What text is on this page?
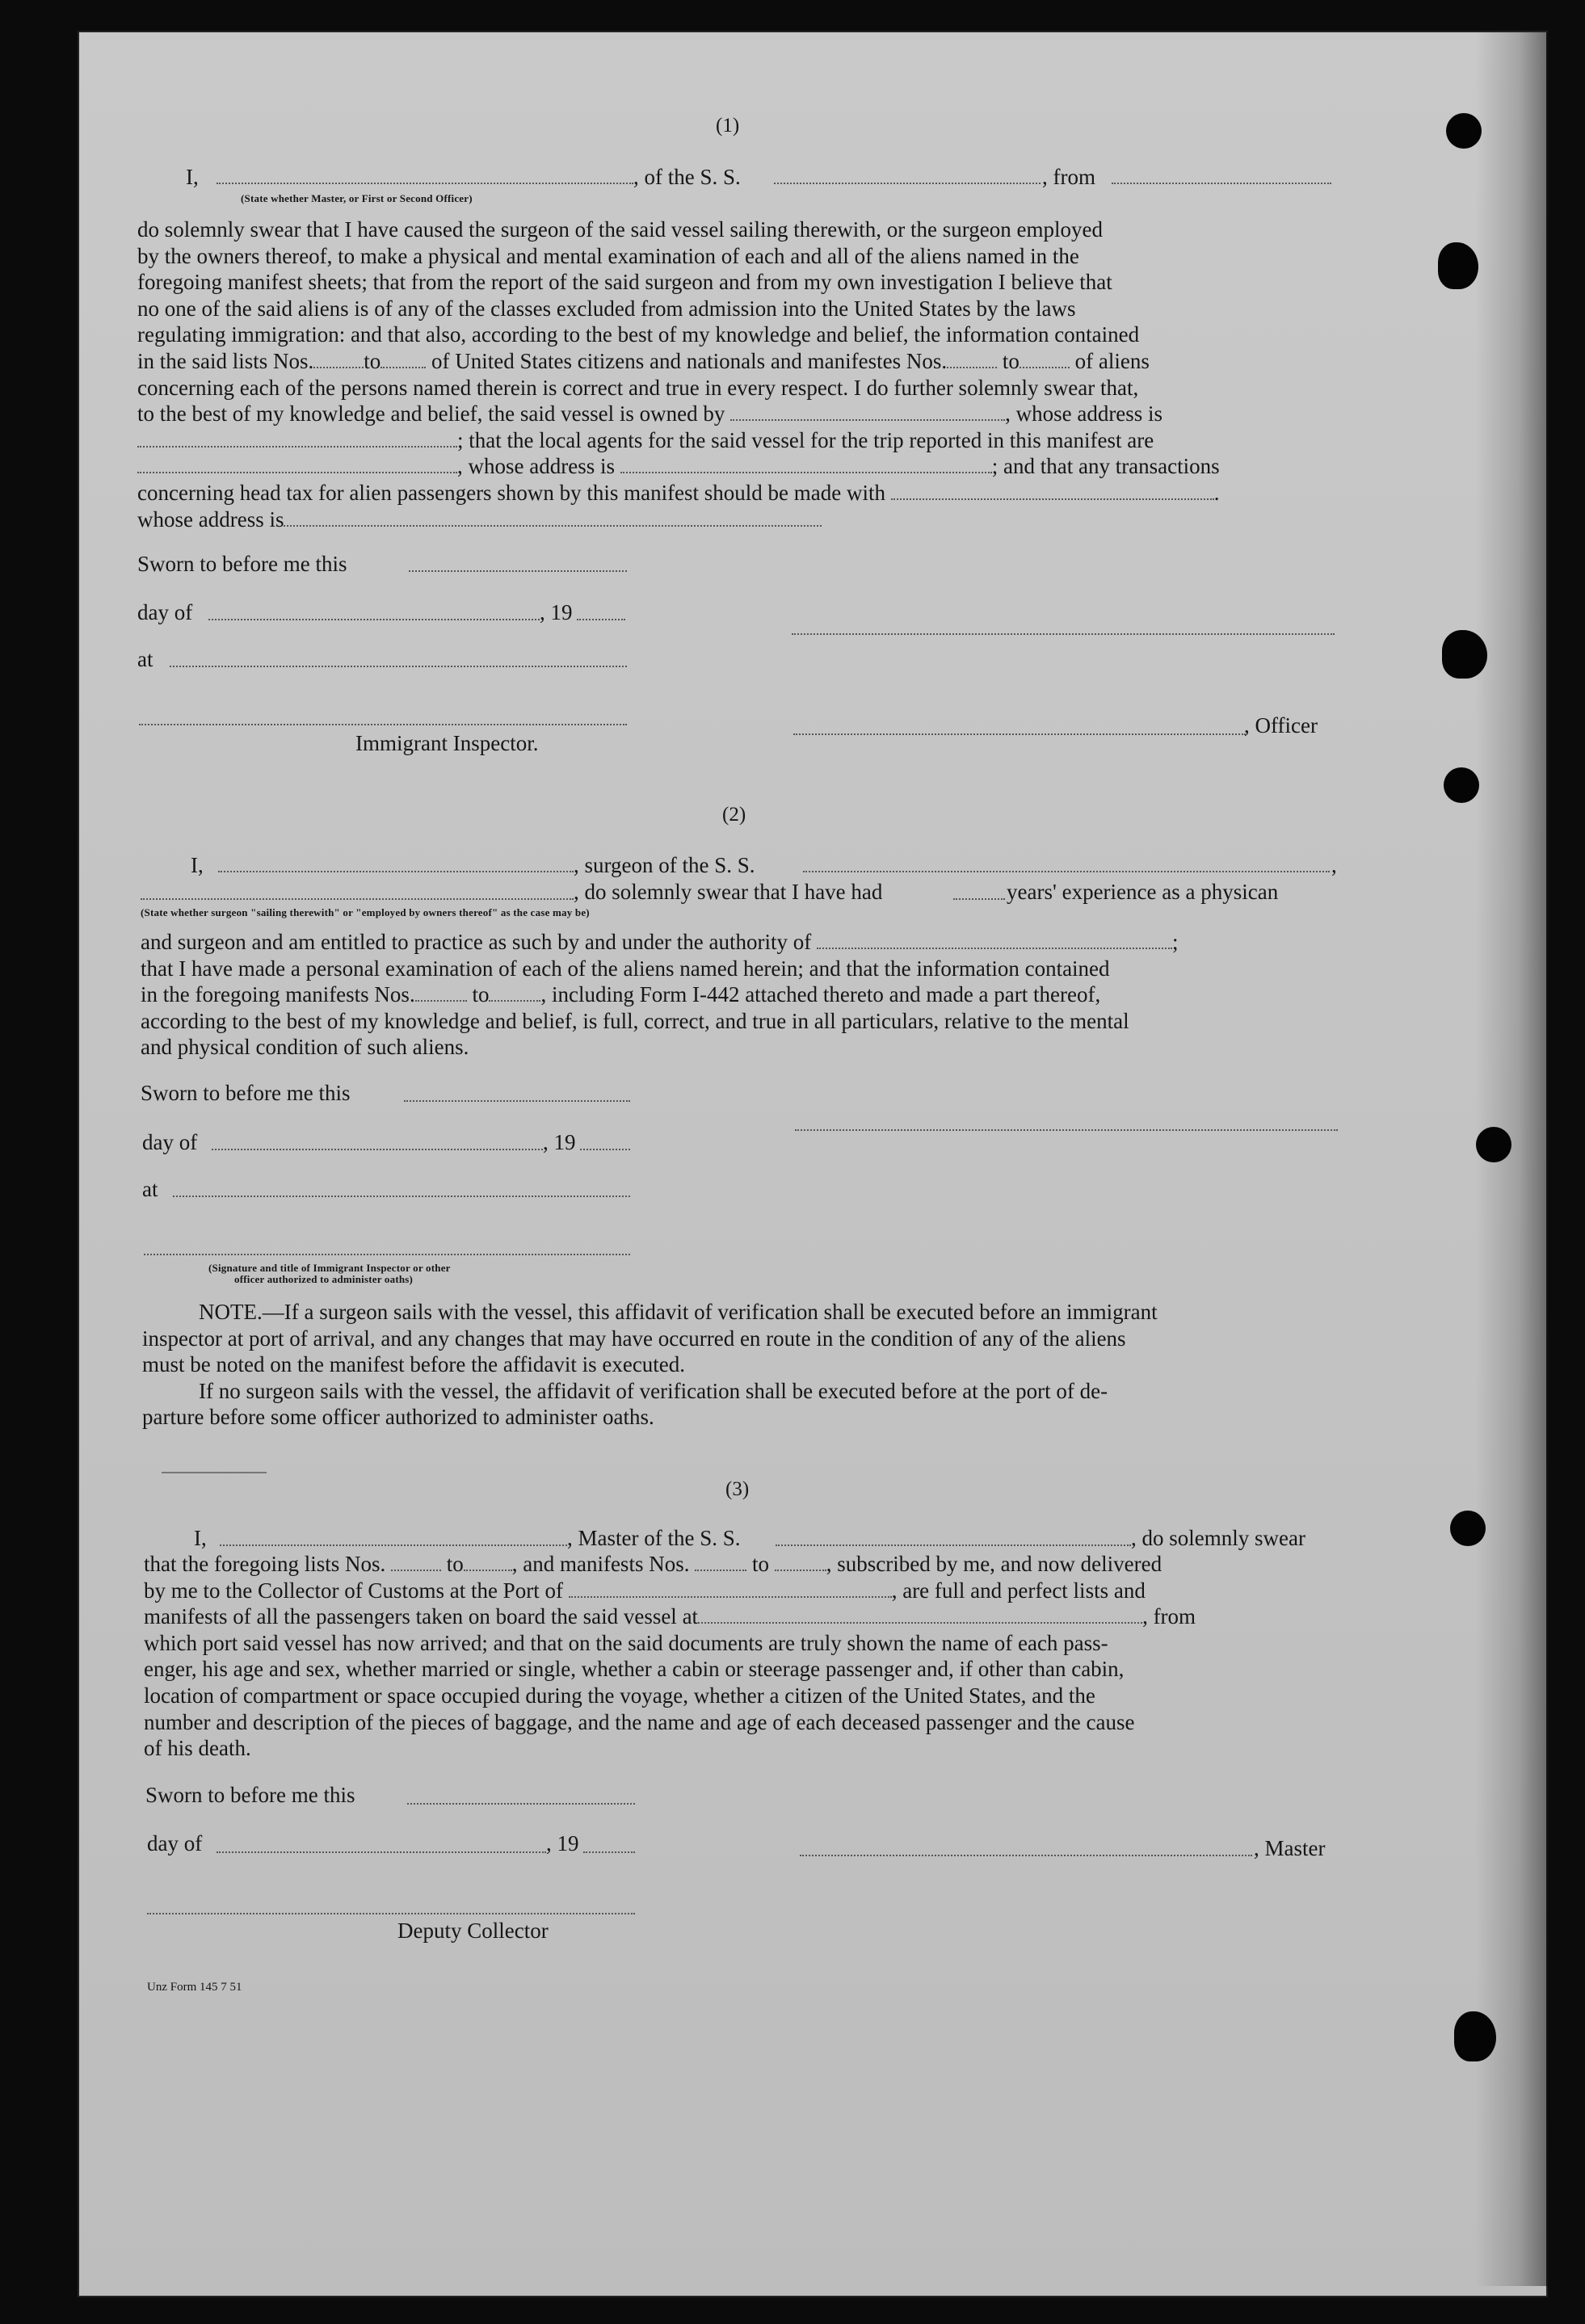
(1)
I,	, of the S. S.	, from
(State whether Master, or First or Second Officer)
do solemnly swear that I have caused the surgeon of the said vessel sailing therewith, or the surgeon employed
by the owners thereof, to make a physical and mental examination of each and all of the aliens named in the
foregoing manifest sheets; that from the report of the said surgeon and from my own investigation I believe that
no one of the said aliens is of any of the classes excluded from admission into the United States by the laws
regulating immigration: and that also, according to the best of my knowledge and belief, the information contained
in the said lists Nos. to of United States citizens and nationals and manifestes Nos.	to	of aliens
concerning each of the persons named therein is correct and true in every respect. I do further solemnly swear that,
to the best of my knowledge and belief, the said vessel is owned by	, whose address is
; that the local agents for the said vessel for the trip reported in this manifest are
, whose address is	; and that any transactions
concerning head tax for alien passengers shown by this manifest should be made with	.
whose address is
Sworn to before me this
day of	, 19
at
Immigrant Inspector.
, Officer
(2)
I,	, surgeon of the S. S.	,
, do solemnly swear that I have had	years' experience as a physican
(State whether surgeon "sailing therewith" or "employed by owners thereof" as the case may be)
and surgeon and am entitled to practice as such by and under the authority of	;
that I have made a personal examination of each of the aliens named herein; and that the information contained
in the foregoing manifests Nos.	to , including Form I-442 attached thereto and made a part thereof,
according to the best of my knowledge and belief, is full, correct, and true in all particulars, relative to the mental
and physical condition of such aliens.
Sworn to before me this
day of	, 19
at
(Signature and title of Immigrant Inspector or other
officer authorized to administer oaths)
NOTE.—If a surgeon sails with the vessel, this affidavit of verification shall be executed before an immigrant
inspector at port of arrival, and any changes that may have occurred en route in the condition of any of the aliens
must be noted on the manifest before the affidavit is executed.
If no surgeon sails with the vessel, the affidavit of verification shall be executed before at the port of de-
parture before some officer authorized to administer oaths.
(3)
I,	, Master of the S. S.	, do solemnly swear
that the foregoing lists Nos.	to , and manifests Nos.	to	, subscribed by me, and now delivered
by me to the Collector of Customs at the Port of	, are full and perfect lists and
manifests of all the passengers taken on board the said vessel at	, from
which port said vessel has now arrived; and that on the said documents are truly shown the name of each pass-
enger, his age and sex, whether married or single, whether a cabin or steerage passenger and, if other than cabin,
location of compartment or space occupied during the voyage, whether a citizen of the United States, and the
number and description of the pieces of baggage, and the name and age of each deceased passenger and the cause
of his death.
Sworn to before me this
day of	, 19	, Master
Deputy Collector
Unz Form 145 7 51
